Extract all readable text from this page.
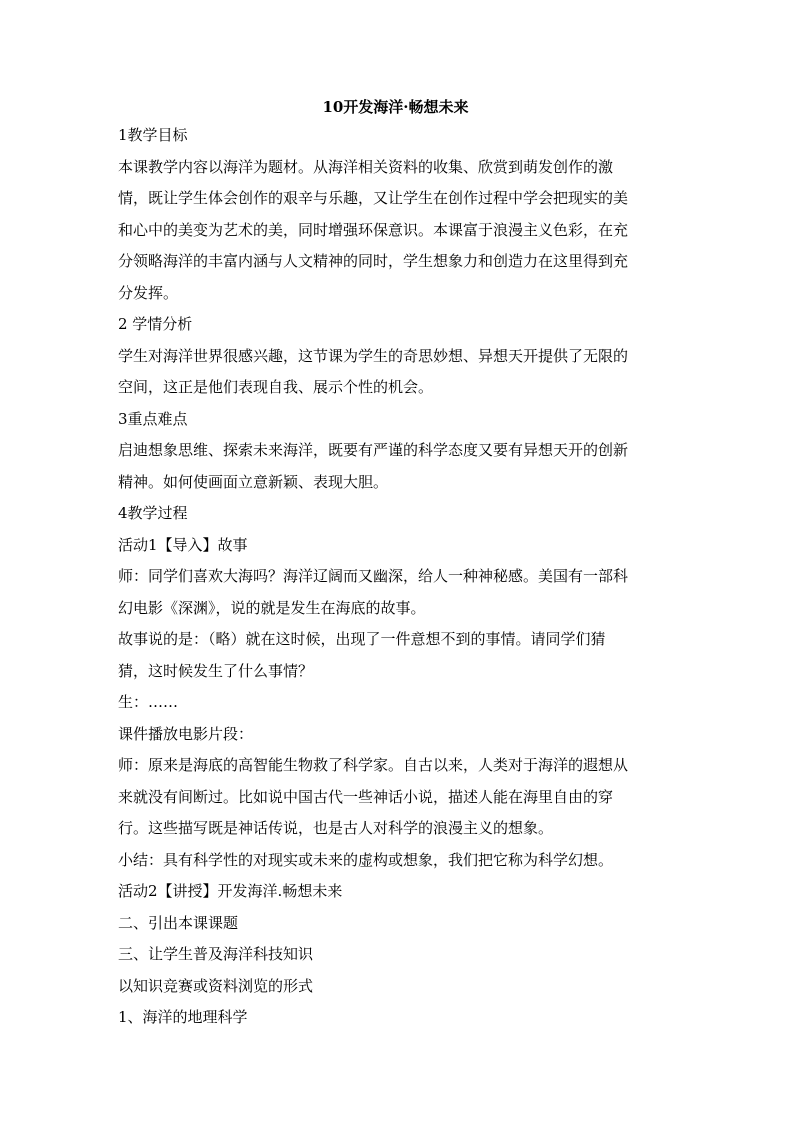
10开发海洋·畅想未来

1教学目标

本课教学内容以海洋为题材。从海洋相关资料的收集、欣赏到萌发创作的激

情，既让学生体会创作的艰辛与乐趣，又让学生在创作过程中学会把现实的美

和心中的美变为艺术的美，同时增强环保意识。本课富于浪漫主义色彩，在充

分领略海洋的丰富内涵与人文精神的同时，学生想象力和创造力在这里得到充

分发挥。

2 学情分析

学生对海洋世界很感兴趣，这节课为学生的奇思妙想、异想天开提供了无限的

空间，这正是他们表现自我、展示个性的机会。

3重点难点

启迪想象思维、探索未来海洋，既要有严谨的科学态度又要有异想天开的创新

精神。如何使画面立意新颖、表现大胆。

4教学过程

活动1【导入】故事

师：同学们喜欢大海吗？海洋辽阔而又幽深，给人一种神秘感。美国有一部科

幻电影《深渊》，说的就是发生在海底的故事。

故事说的是：（略）就在这时候，出现了一件意想不到的事情。请同学们猜

猜，这时候发生了什么事情？

生：……

课件播放电影片段：

师：原来是海底的高智能生物救了科学家。自古以来，人类对于海洋的遐想从

来就没有间断过。比如说中国古代一些神话小说，描述人能在海里自由的穿

行。这些描写既是神话传说，也是古人对科学的浪漫主义的想象。

小结：具有科学性的对现实或未来的虚构或想象，我们把它称为科学幻想。

活动2【讲授】开发海洋.畅想未来

二、引出本课课题

三、让学生普及海洋科技知识

以知识竞赛或资料浏览的形式

1、海洋的地理科学
